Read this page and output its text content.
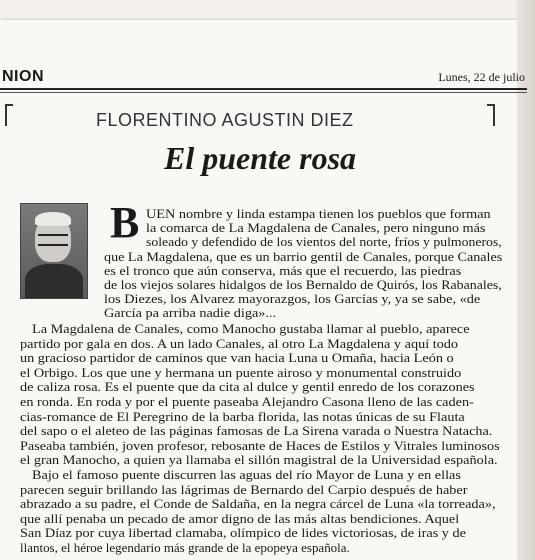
NION	Lunes, 22 de julio
FLORENTINO AGUSTIN DIEZ
El puente rosa
B UEN nombre y linda estampa tienen los pueblos que forman
la comarca de La Magdalena de Canales, pero ninguno más
soleado y defendido de los vientos del norte, fríos y pulmoneros,
que La Magdalena, que es un barrio gentil de Canales, porque Canales
es el tronco que aún conserva, más que el recuerdo, las piedras
de los viejos solares hidalgos de los Bernaldo de Quirós, los Rabanales,
los Diezes, los Alvarez mayorazgos, los Garcías y, ya se sabe, «de
García pa arriba nadie diga»...
La Magdalena de Canales, como Manocho gustaba llamar al pueblo, aparece
partido por gala en dos. A un lado Canales, al otro La Magdalena y aquí todo
un gracioso partidor de caminos que van hacia Luna u Omaña, hacia León o
el Orbigo. Los que une y hermana un puente airoso y monumental construido
de caliza rosa. Es el puente que da cita al dulce y gentil enredo de los corazones
en ronda. En roda y por el puente paseaba Alejandro Casona lleno de las caden-
cias-romance de El Peregrino de la barba florida, las notas únicas de su Flauta
del sapo o el aleteo de las páginas famosas de La Sirena varada o Nuestra Natacha.
Paseaba también, joven profesor, rebosante de Haces de Estilos y Vitrales luminosos
el gran Manocho, a quien ya llamaba el sillón magistral de la Universidad española.
Bajo el famoso puente discurren las aguas del río Mayor de Luna y en ellas
parecen seguir brillando las lágrimas de Bernardo del Carpio después de haber
abrazado a su padre, el Conde de Saldaña, en la negra cárcel de Luna «la torreada»,
que allí penaba un pecado de amor digno de las más altas bendiciones. Aquel
San Díaz por cuya libertad clamaba, olímpico de lides victoriosas, de iras y de
llantos, el héroe legendario más grande de la epopeya española.
